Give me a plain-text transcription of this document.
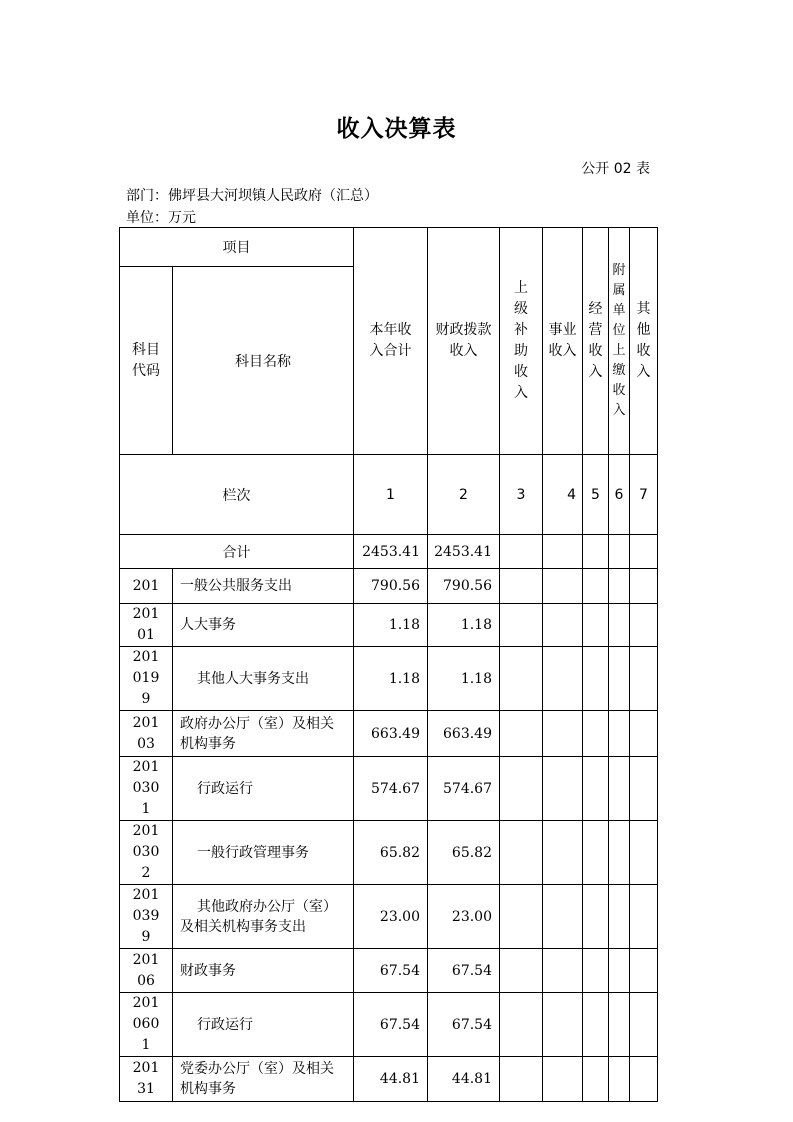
收入决算表
公开 02 表
部门：佛坪县大河坝镇人民政府（汇总）
单位：万元
项目		本年收入合计	财政拨款收入	上级补助收入	事业收入	经营收入	附属单位上缴收入	其他收入

科目代码	科目名称							
栏次		1	2	3	4	5	6	7
合计		2453.41	2453.41					

201	一般公共服务支出	790.56	790.56					

20101	人大事务	1.18	1.18					

2010199	其他人大事务支出	1.18	1.18					

20103	政府办公厅（室）及相关机构事务	663.49	663.49					

2010301	行政运行	574.67	574.67					

2010302	一般行政管理事务	65.82	65.82					

2010399	其他政府办公厅（室）及相关机构事务支出	23.00	23.00					

20106	财政事务	67.54	67.54					

2010601	行政运行	67.54	67.54					

20131	党委办公厅（室）及相关机构事务	44.81	44.81					
